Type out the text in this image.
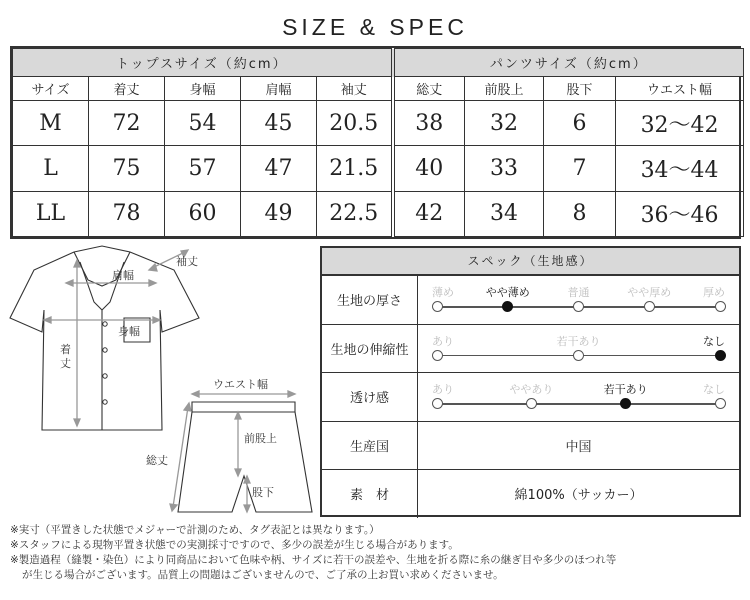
SIZE & SPEC
トップスサイズ（約cm）					パンツサイズ（約cm）			
サイズ	着丈	身幅	肩幅	袖丈	総丈	前股上	股下	ウエスト幅
M	72	54	45	20.5	38	32	6	32～42
L	75	57	47	21.5	40	33	7	34～44
LL	78	60	49	22.5	42	34	8	36～46
肩幅
袖丈
身幅
着
丈
ウエスト幅
総丈
前股上
股下
スペック（生地感）
生地の厚さ
薄め	やや薄め	普通	やや厚め	厚め
生地の伸縮性
あり	若干あり	なし
透け感
あり	ややあり	若干あり	なし
生産国	中国
素　材	綿100%（サッカー）
※実寸（平置きした状態でメジャーで計測のため、タグ表記とは異なります。）
※スタッフによる現物平置き状態での実測採寸ですので、多少の誤差が生じる場合があります。
※製造過程（縫製・染色）により同商品において色味や柄、サイズに若干の誤差や、生地を折る際に糸の継ぎ目や多少のほつれ等
が生じる場合がございます。品質上の問題はございませんので、ご了承の上お買い求めくださいませ。
